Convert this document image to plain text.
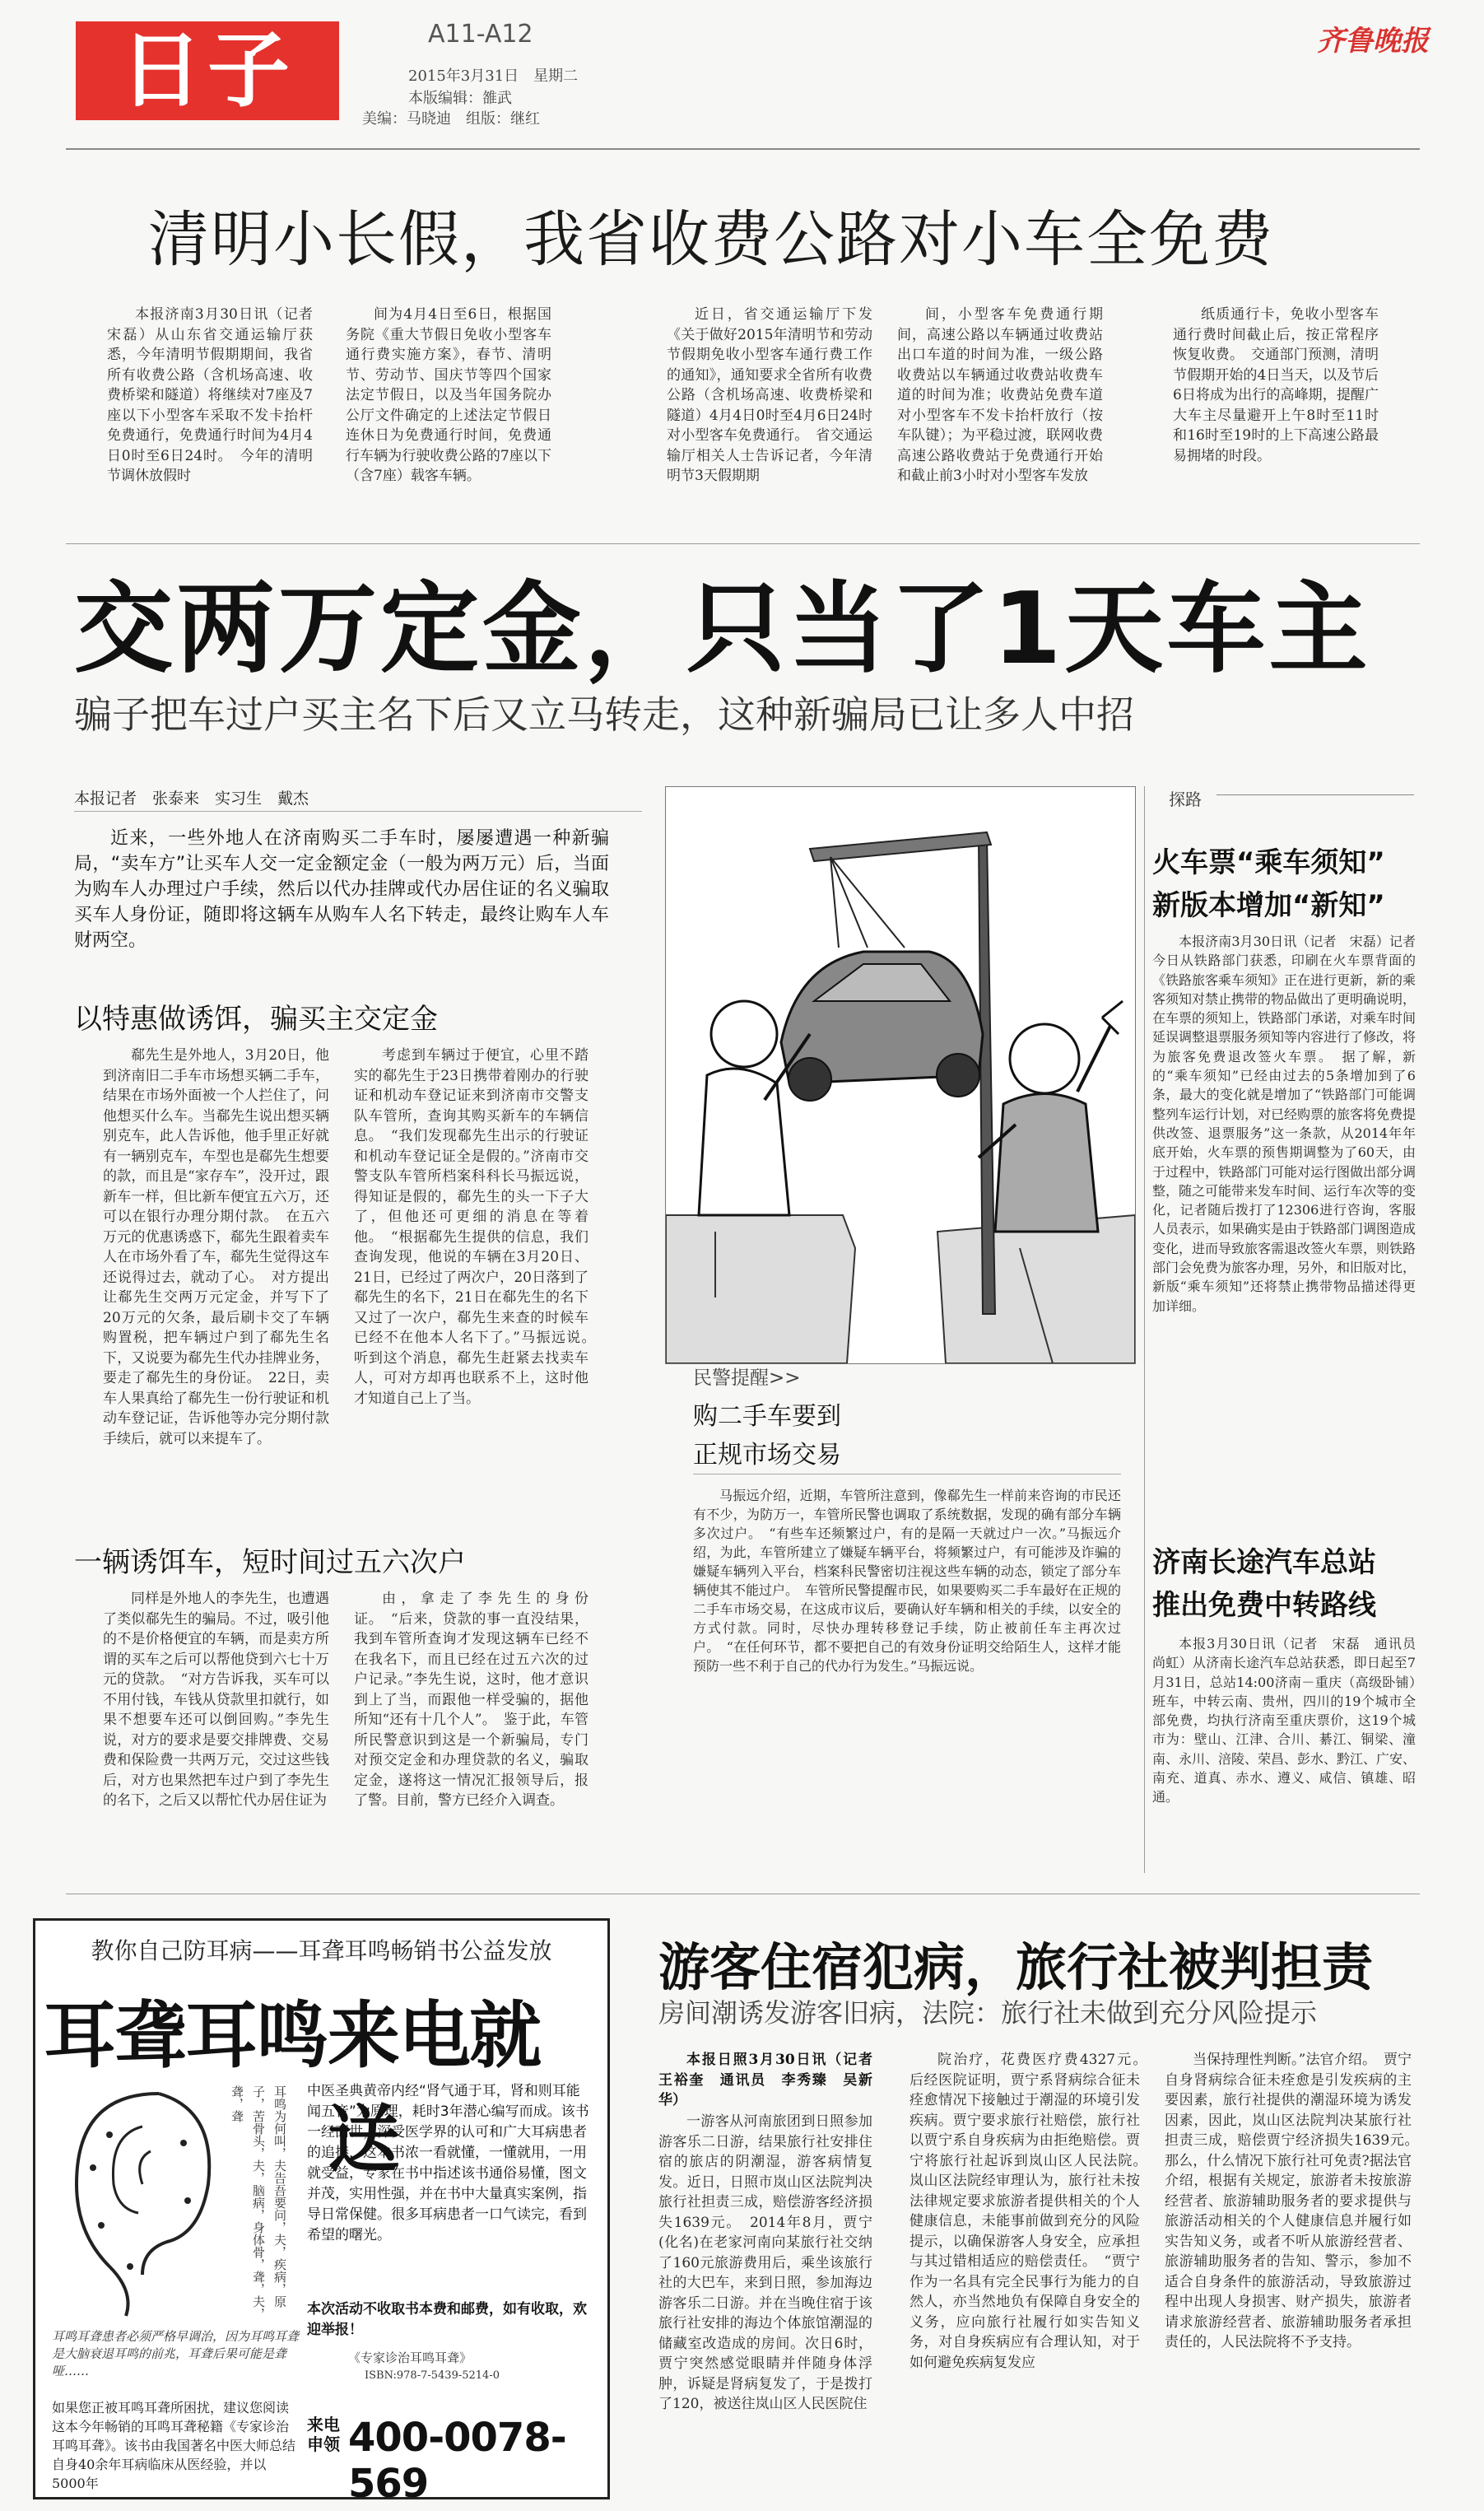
日子	A11-A12
2015年3月31日　星期二
本版编辑：雒武
美编：马晓迪　组版：继红
齐鲁晚报
清明小长假，我省收费公路对小车全免费

本报济南3月30日讯（记者　宋磊）从山东省交通运输厅获悉，今年清明节假期期间，我省所有收费公路（含机场高速、收费桥梁和隧道）将继续对7座及7座以下小型客车采取不发卡抬杆免费通行，免费通行时间为4月4日0时至6日24时。　今年的清明节调休放假时

间为4月4日至6日，根据国务院《重大节假日免收小型客车通行费实施方案》，春节、清明节、劳动节、国庆节等四个国家法定节假日，以及当年国务院办公厅文件确定的上述法定节假日连休日为免费通行时间，免费通行车辆为行驶收费公路的7座以下（含7座）载客车辆。

近日，省交通运输厅下发《关于做好2015年清明节和劳动节假期免收小型客车通行费工作的通知》，通知要求全省所有收费公路（含机场高速、收费桥梁和隧道）4月4日0时至4月6日24时对小型客车免费通行。　省交通运输厅相关人士告诉记者，今年清明节3天假期期

间，小型客车免费通行期间，高速公路以车辆通过收费站出口车道的时间为准，一级公路收费站以车辆通过收费站收费车道的时间为准；收费站免费车道对小型客车不发卡抬杆放行（按车队键）；为平稳过渡，联网收费高速公路收费站于免费通行开始和截止前3小时对小型客车发放

纸质通行卡，免收小型客车通行费时间截止后，按正常程序恢复收费。　交通部门预测，清明节假期开始的4日当天，以及节后6日将成为出行的高峰期，提醒广大车主尽量避开上午8时至11时和16时至19时的上下高速公路最易拥堵的时段。

交两万定金，只当了1天车主
骗子把车过户买主名下后又立马转走，这种新骗局已让多人中招
本报记者　张泰来　实习生　戴杰

近来，一些外地人在济南购买二手车时，屡屡遭遇一种新骗局，“卖车方”让买车人交一定金额定金（一般为两万元）后，当面为购车人办理过户手续，然后以代办挂牌或代办居住证的名义骗取买车人身份证，随即将这辆车从购车人名下转走，最终让购车人车财两空。

以特惠做诱饵，骗买主交定金

郗先生是外地人，3月20日，他到济南旧二手车市场想买辆二手车，结果在市场外面被一个人拦住了，问他想买什么车。当郗先生说出想买辆别克车，此人告诉他，他手里正好就有一辆别克车，车型也是郗先生想要的款，而且是“家存车”，没开过，跟新车一样，但比新车便宜五六万，还可以在银行办理分期付款。　在五六万元的优惠诱惑下，郗先生跟着卖车人在市场外看了车，郗先生觉得这车还说得过去，就动了心。　对方提出让郗先生交两万元定金，并写下了20万元的欠条，最后刷卡交了车辆购置税，把车辆过户到了郗先生名下，又说要为郗先生代办挂牌业务，要走了郗先生的身份证。　22日，卖车人果真给了郗先生一份行驶证和机动车登记证，告诉他等办完分期付款手续后，就可以来提车了。

考虑到车辆过于便宜，心里不踏实的郗先生于23日携带着刚办的行驶证和机动车登记证来到济南市交警支队车管所，查询其购买新车的车辆信息。　“我们发现郗先生出示的行驶证和机动车登记证全是假的。”济南市交警支队车管所档案科科长马振远说，得知证是假的，郗先生的头一下子大了，但他还可更细的消息在等着他。　“根据郗先生提供的信息，我们查询发现，他说的车辆在3月20日、21日，已经过了两次户，20日落到了郗先生的名下，21日在郗先生的名下又过了一次户，郗先生来查的时候车已经不在他本人名下了。”马振远说。　听到这个消息，郗先生赶紧去找卖车人，可对方却再也联系不上，这时他才知道自己上了当。

一辆诱饵车，短时间过五六次户

同样是外地人的李先生，也遭遇了类似郗先生的骗局。不过，吸引他的不是价格便宜的车辆，而是卖方所谓的买车之后可以帮他贷到六七十万元的贷款。　“对方告诉我，买车可以不用付钱，车钱从贷款里扣就行，如果不想要车还可以倒回购。”李先生说，对方的要求是要交排牌费、交易费和保险费一共两万元，交过这些钱后，对方也果然把车过户到了李先生的名下，之后又以帮忙代办居住证为

由，拿走了李先生的身份证。　“后来，贷款的事一直没结果，我到车管所查询才发现这辆车已经不在我名下，而且已经在过五六次的过户记录。”李先生说，这时，他才意识到上了当，而跟他一样受骗的，据他所知“还有十几个人”。　鉴于此，车管所民警意识到这是一个新骗局，专门对预交定金和办理贷款的名义，骗取定金，遂将这一情况汇报领导后，报了警。目前，警方已经介入调查。

民警提醒>>
购二手车要到
正规市场交易

马振远介绍，近期，车管所注意到，像郗先生一样前来咨询的市民还有不少，为防万一，车管所民警也调取了系统数据，发现的确有部分车辆多次过户。　“有些车还频繁过户，有的是隔一天就过户一次。”马振远介绍，为此，车管所建立了嫌疑车辆平台，将频繁过户，有可能涉及诈骗的嫌疑车辆列入平台，档案科民警密切注视这些车辆的动态，锁定了部分车辆使其不能过户。　车管所民警提醒市民，如果要购买二手车最好在正规的二手车市场交易，在这成市议后，要确认好车辆和相关的手续，以安全的方式付款。同时，尽快办理转移登记手续，防止被前任车主再次过户。　“在任何环节，都不要把自己的有效身份证明交给陌生人，这样才能预防一些不利于自己的代办行为发生。”马振远说。

探路
火车票“乘车须知”
新版本增加“新知”

本报济南3月30日讯（记者　宋磊）记者今日从铁路部门获悉，印刷在火车票背面的《铁路旅客乘车须知》正在进行更新，新的乘客须知对禁止携带的物品做出了更明确说明，在车票的须知上，铁路部门承诺，对乘车时间延误调整退票服务须知等内容进行了修改，将为旅客免费退改签火车票。　据了解，新的“乘车须知”已经由过去的5条增加到了6条，最大的变化就是增加了“铁路部门可能调整列车运行计划，对已经购票的旅客将免费提供改签、退票服务”这一条款，从2014年年底开始，火车票的预售期调整为了60天，由于过程中，铁路部门可能对运行图做出部分调整，随之可能带来发车时间、运行车次等的变化，记者随后拨打了12306进行咨询，客服人员表示，如果确实是由于铁路部门调图造成变化，进而导致旅客需退改签火车票，则铁路部门会免费为旅客办理，另外，和旧版对比，新版“乘车须知”还将禁止携带物品描述得更加详细。

济南长途汽车总站
推出免费中转路线

本报3月30日讯（记者　宋磊　通讯员　尚虹）从济南长途汽车总站获悉，即日起至7月31日，总站14:00济南－重庆（高级卧铺）班车，中转云南、贵州，四川的19个城市全部免费，均执行济南至重庆票价，这19个城市为：壁山、江津、合川、綦江、铜梁、潼南、永川、涪陵、荣昌、彭水、黔江、广安、南充、道真、赤水、遵义、咸信、镇雄、昭通。

教你自己防耳病——耳聋耳鸣畅销书公益发放
耳聋耳鸣 来电就送
耳鸣为何叫，夫告吾要问，夫，疾病，原子，苦骨头，夫，脑病，身体骨，聋，夫，聋，聋
耳鸣耳聋患者必须严格早调治，因为耳鸣耳聋是大脑衰退耳鸣的前兆，耳聋后果可能是聋哑……
如果您正被耳鸣耳聋所困扰，建议您阅读这本今年畅销的耳鸣耳聋秘籍《专家诊治耳鸣耳聋》。该书由我国著名中医大师总结自身40余年耳病临床从医经验，并以5000年
中医圣典黄帝内经“肾气通于耳，肾和则耳能闻五音”为原理，耗时3年潜心编写而成。该书一经面世，深受医学界的认可和广大耳病患者的追捧，这本书浓一看就懂，一懂就用，一用就受益，专家在书中指述该书通俗易懂，图文并茂，实用性强，并在书中大量真实案例，指导日常保健。很多耳病患者一口气读完，看到希望的曙光。
本次活动不收取书本费和邮费，如有收取，欢迎举报！
《专家诊治耳鸣耳聋》
ISBN:978-7-5439-5214-0
来电申领 400-0078-569
游客住宿犯病，旅行社被判担责
房间潮诱发游客旧病，法院：旅行社未做到充分风险提示

本报日照3月30日讯（记者　王裕奎　通讯员　李秀臻　吴新华）

一游客从河南旅团到日照参加游客乐二日游，结果旅行社安排住宿的旅店的阴潮湿，游客病情复发。近日，日照市岚山区法院判决旅行社担责三成，赔偿游客经济损失1639元。　2014年8月，贾宁(化名)在老家河南向某旅行社交纳了160元旅游费用后，乘坐该旅行社的大巴车，来到日照，参加海边游客乐二日游。并在当晚住宿于该旅行社安排的海边个体旅馆潮湿的储藏室改造成的房间。次日6时，贾宁突然感觉眼睛并伴随身体浮肿，诉疑是肾病复发了，于是拨打了120，被送往岚山区人民医院住

院治疗，花费医疗费4327元。　后经医院证明，贾宁系肾病综合征未痊愈情况下接触过于潮湿的环境引发疾病。贾宁要求旅行社赔偿，旅行社以贾宁系自身疾病为由拒绝赔偿。贾宁将旅行社起诉到岚山区人民法院。　岚山区法院经审理认为，旅行社未按法律规定要求旅游者提供相关的个人健康信息，未能事前做到充分的风险提示，以确保游客人身安全，应承担与其过错相适应的赔偿责任。　“贾宁作为一名具有完全民事行为能力的自然人，亦当然地负有保障自身安全的义务，应向旅行社履行如实告知义务，对自身疾病应有合理认知，对于如何避免疾病复发应

当保持理性判断。”法官介绍。　贾宁自身肾病综合征未痊愈是引发疾病的主要因素，旅行社提供的潮湿环境为诱发因素，因此，岚山区法院判决某旅行社担责三成，赔偿贾宁经济损失1639元。　那么，什么情况下旅行社可免责?据法官介绍，根据有关规定，旅游者未按旅游经营者、旅游辅助服务者的要求提供与旅游活动相关的个人健康信息并履行如实告知义务，或者不听从旅游经营者、旅游辅助服务者的告知、警示，参加不适合自身条件的旅游活动，导致旅游过程中出现人身损害、财产损失，旅游者请求旅游经营者、旅游辅助服务者承担责任的，人民法院将不予支持。
